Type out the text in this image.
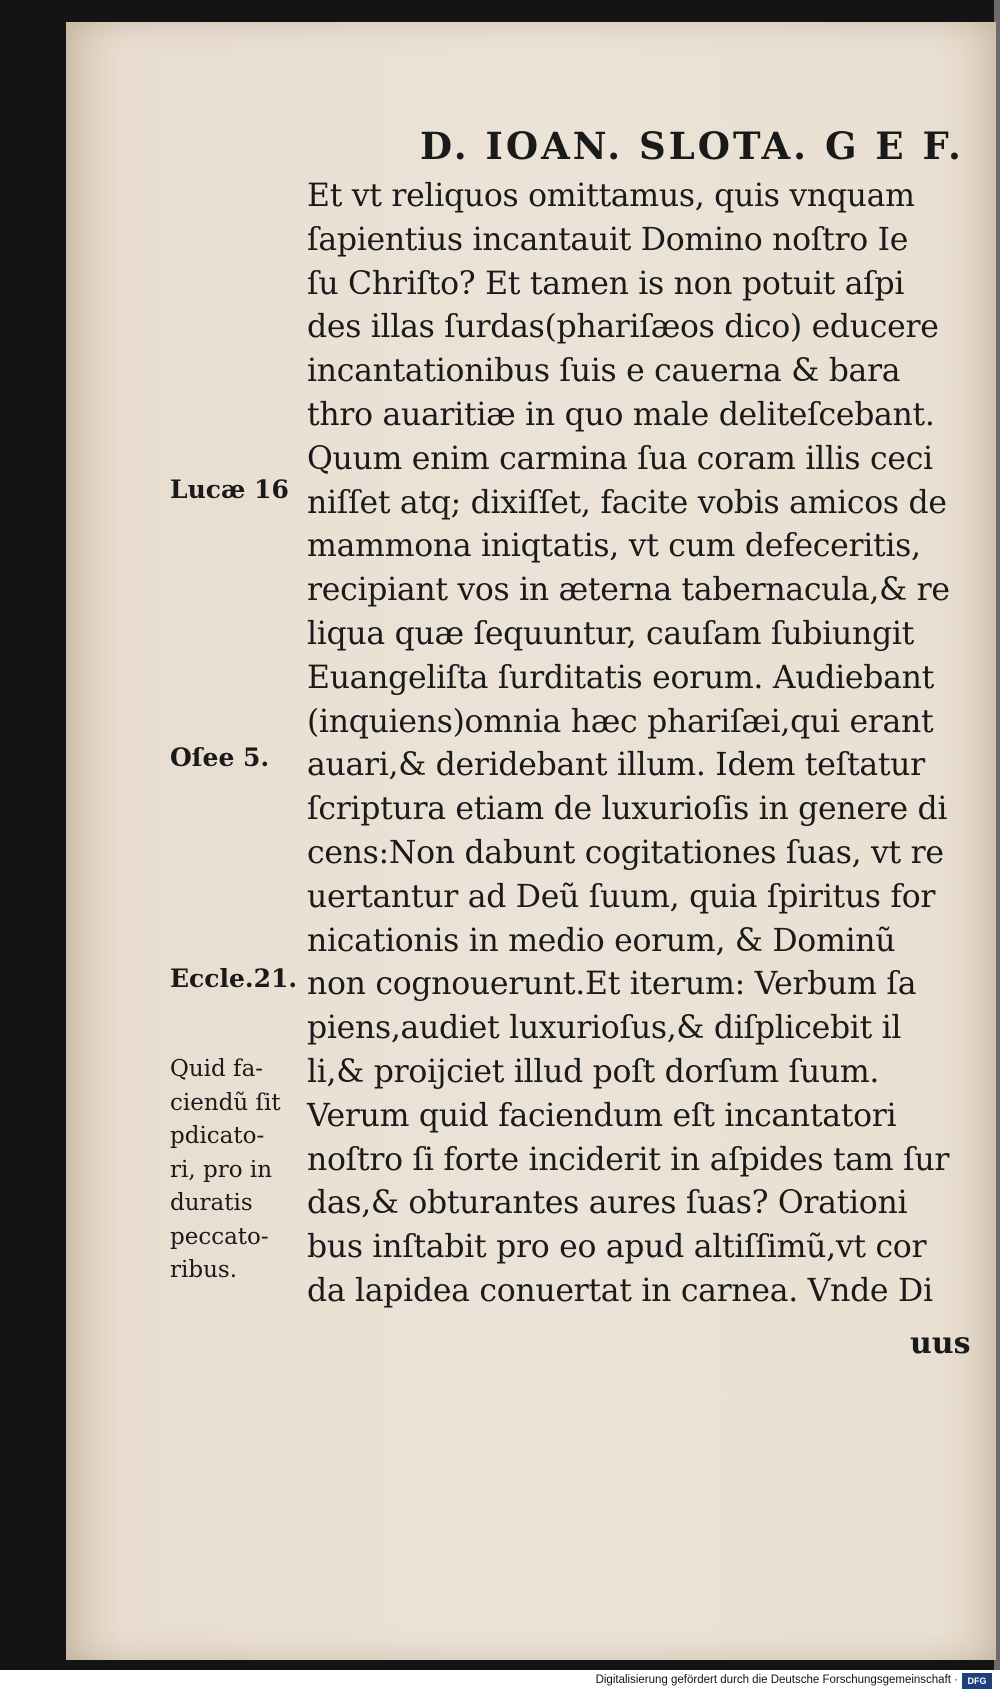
D. IOAN. SLOTA. G E F.
Et vt reliquos omittamus, quis vnquam
ſapientius incantauit Domino noſtro Ie
ſu Chriſto? Et tamen is non potuit aſpi
des illas ſurdas(phariſæos dico) educere
incantationibus ſuis e cauerna & bara
thro auaritiæ in quo male deliteſcebant.
Quum enim carmina ſua coram illis ceci
niſſet atq; dixiſſet, facite vobis amicos de
mammona iniqtatis, vt cum defeceritis,
recipiant vos in æterna tabernacula,& re
liqua quæ ſequuntur, cauſam ſubiungit
Euangeliſta ſurditatis eorum. Audiebant
(inquiens)omnia hæc phariſæi,qui erant
auari,& deridebant illum. Idem teſtatur
ſcriptura etiam de luxurioſis in genere di
cens:Non dabunt cogitationes ſuas, vt re
uertantur ad Deũ ſuum, quia ſpiritus for
nicationis in medio eorum, & Dominũ
non cognouerunt.Et iterum: Verbum ſa
piens,audiet luxurioſus,& diſplicebit il
li,& proijciet illud poſt dorſum ſuum.
Verum quid faciendum eſt incantatori
noſtro ſi forte inciderit in aſpides tam ſur
das,& obturantes aures ſuas? Orationi
bus inſtabit pro eo apud altiſſimũ,vt cor
da lapidea conuertat in carnea. Vnde Di
uus
Lucæ 16
Oſee 5.
Eccle.21.
Quid fa-
ciendũ ſit
pdicato-
ri, pro in
duratis
peccato-
ribus.
Digitalisierung gefördert durch die Deutsche Forschungsgemeinschaft ·	DFG
